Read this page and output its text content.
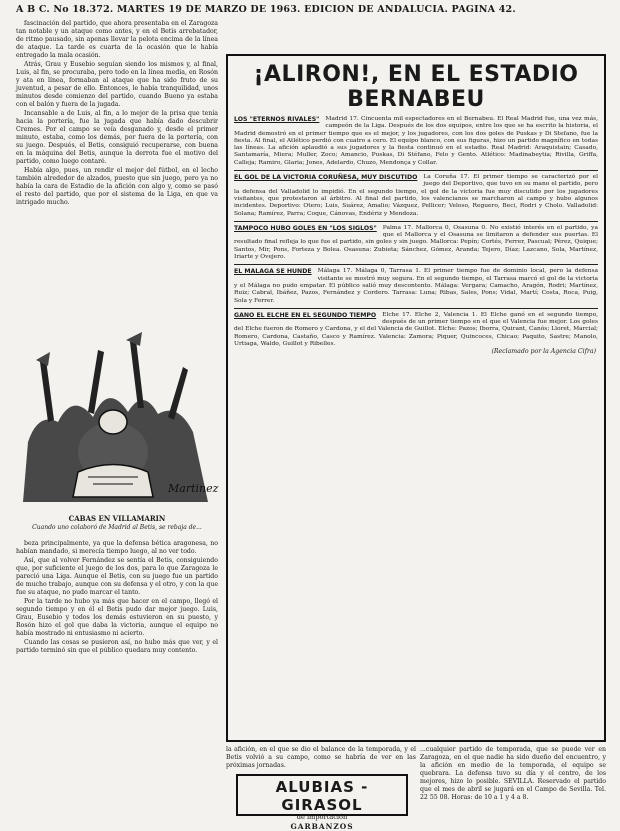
A B C. No 18.372. MARTES 19 DE MARZO DE 1963. EDICION DE ANDALUCIA. PAGINA 42.

fascinación del partido, que ahora presentaba en el Zaragoza tan notable y un ataque como antes, y en el Betis arrebatador, de ritmo pausado, sin apenas llevar la pelota encima de la línea de ataque. La tarde es cuarta de la ocasión que le había entregado la mala ocasión.

Atrás, Grau y Eusebio seguían siendo los mismos y, al final, Luis, al fin, se procuraba, pero todo en la línea media, en Rosón y ata en línea, formaban al ataque que ha sido fruto de su juventud, a pesar de ello. Entonces, le había tranquilidad, unos minutos desde comienzo del partido, cuando Bueno ya estaba con el balón y fuera de la jugada.

Incansable a de Luis, al fin, a lo mejor de la prisa que tenía hacia la portería, fue la jugada que había dado descubrir Cremes. Por el campo se veía desganado y, desde el primer minuto, estaba, como los demás, por fuera de la portería, con su juego. Después, el Betis, consiguió recuperarse, con buena en la máquina del Betis, aunque la derrota fue el motivo del partido, como luego contaré.

Había algo, pues, un rendir el mejor del fútbol, en el lecho también alrededor de alzados, puesto que sin juego, pero ya no había la cara de Estadio de la afición con algo y, como se pasó el resto del partido, que por el sistema de la Liga, en que va intrigado mucho.

Martinez
CABAS EN VILLAMARIN
Cuando uno colaboró de Madrid al Betis, se rebaja de...

beza principalmente, ya que la defensa bética aragonesa, no habían mandado, si merecía tiempo luego, al no ver todo.

Así, que al volver Fernández se sentía el Betis, consiguiendo que, por suficiente el juego de los dos, para lo que Zaragoza le pareció una Liga. Aunque el Betis, con su juego fue un partido de mucho trabajo, aunque con su defensa y el otro, y con la que fue su ataque, no pudo marcar el tanto.

Por la tarde no hubo ya más que hacer en el campo, llegó el segundo tiempo y en él el Betis pudo dar mejor juego. Luis, Grau, Eusebio y todos los demás estuvieron en su puesto, y Rosón hizo el gol que daba la victoria, aunque el equipo no había mostrado ni entusiasmo ni acierto.

Cuando las cosas se pusieron así, no hubo más que ver, y el partido terminó sin que el público quedara muy contento.

¡ALIRON!, EN EL ESTADIO BERNABEU
LOS "ETERNOS RIVALES" Madrid 17. Cincuenta mil espectadores en el Bernabeu. El Real Madrid fue, una vez más, campeón de la Liga. Después de los dos equipos, entre los que se ha escrito la historia, el Madrid demostró en el primer tiempo que es el mejor, y los jugadores, con los dos goles de Puskas y Di Stefano, fue la fiesta. Al final, el Atlético perdió con cuatro a cero. El equipo blanco, con sus figuras, hizo un partido magnífico en todas las líneas. La afición aplaudió a sus jugadores y la fiesta continuó en el estadio. Real Madrid: Araquistain; Casado, Santamaría, Miera; Muller, Zoco; Amancio, Puskas, Di Stéfano, Felo y Gento. Atlético: Madinabeytia; Rivilla, Griffa, Calleja; Ramiro, Glaria; Jones, Adelardo, Chuzo, Mendonça y Collar.
EL GOL DE LA VICTORIA CORUÑESA, MUY DISCUTIDO La Coruña 17. El primer tiempo se caracterizó por el juego del Deportivo, que tuvo en su mano el partido, pero la defensa del Valladolid lo impidió. En el segundo tiempo, el gol de la victoria fue muy discutido por los jugadores visitantes, que protestaron al árbitro. Al final del partido, los valencianos se marcharon al campo y hubo algunos incidentes. Deportivo: Otero; Luis, Suárez, Amalio; Vázquez, Pellicer; Veloso, Reguero, Beci, Rodri y Cholo. Valladolid: Solana; Ramírez, Parra; Coque, Cánovas, Endériz y Mendoza.
TAMPOCO HUBO GOLES EN "LOS SIGLOS" Palma 17. Mallorca 0, Osasuna 0. No existió interés en el partido, ya que el Mallorca y el Osasuna se limitaron a defender sus puertas. El resultado final refleja lo que fue el partido, sin goles y sin juego. Mallorca: Pepín; Cortés, Ferrer, Pascual; Pérez, Quique; Santos, Mir, Pons, Forteza y Bolea. Osasuna: Zubieta; Sánchez, Gómez, Aranda; Tejero, Díaz; Lazcano, Sola, Martínez, Iriarte y Ovejero.
EL MALAGA SE HUNDE Málaga 17. Málaga 0, Tarrasa 1. El primer tiempo fue de dominio local, pero la defensa visitante se mostró muy segura. En el segundo tiempo, el Tarrasa marcó el gol de la victoria y el Málaga no pudo empatar. El público salió muy descontento. Málaga: Vergara; Camacho, Aragón, Rodri; Martínez, Ruiz; Cabral, Ibáñez, Pazos, Fernández y Cordero. Tarrasa: Luna; Ribas, Sales, Pons; Vidal, Martí; Costa, Roca, Puig, Sola y Ferrer.
GANO EL ELCHE EN EL SEGUNDO TIEMPO Elche 17. Elche 2, Valencia 1. El Elche ganó en el segundo tiempo, después de un primer tiempo en el que el Valencia fue mejor. Los goles del Elche fueron de Romero y Cardona, y el del Valencia de Guillot. Elche: Pazos; Iborra, Quirant, Canós; Lloret, Marcial; Romero, Cardona, Castaño, Casco y Ramírez. Valencia: Zamora; Piquer, Quincoces, Chicao; Paquito, Sastre; Manolo, Urtiaga, Waldo, Guillot y Ribelles.
(Reclamado por la Agencia Cifra)
la afición, en el que se dio el balance de la temporada, y el Betis volvió a su campo, como se habría de ver en las próximas jornadas.
ALUBIAS - GIRASOL
de importación
GARBANZOS
...cualquier partido de temporada, que se puede ver en Zaragoza, en el que nadie ha sido dueño del encuentro, y la afición en medio de la temporada, el equipo se quebrara. La defensa tuvo su día y el centro, de los mejores, hizo lo posible. SEVILLA. Reservado el partido que el mes de abril se jugará en el Campo de Sevilla. Tel. 22 55 08. Horas: de 10 a 1 y 4 a 8.
